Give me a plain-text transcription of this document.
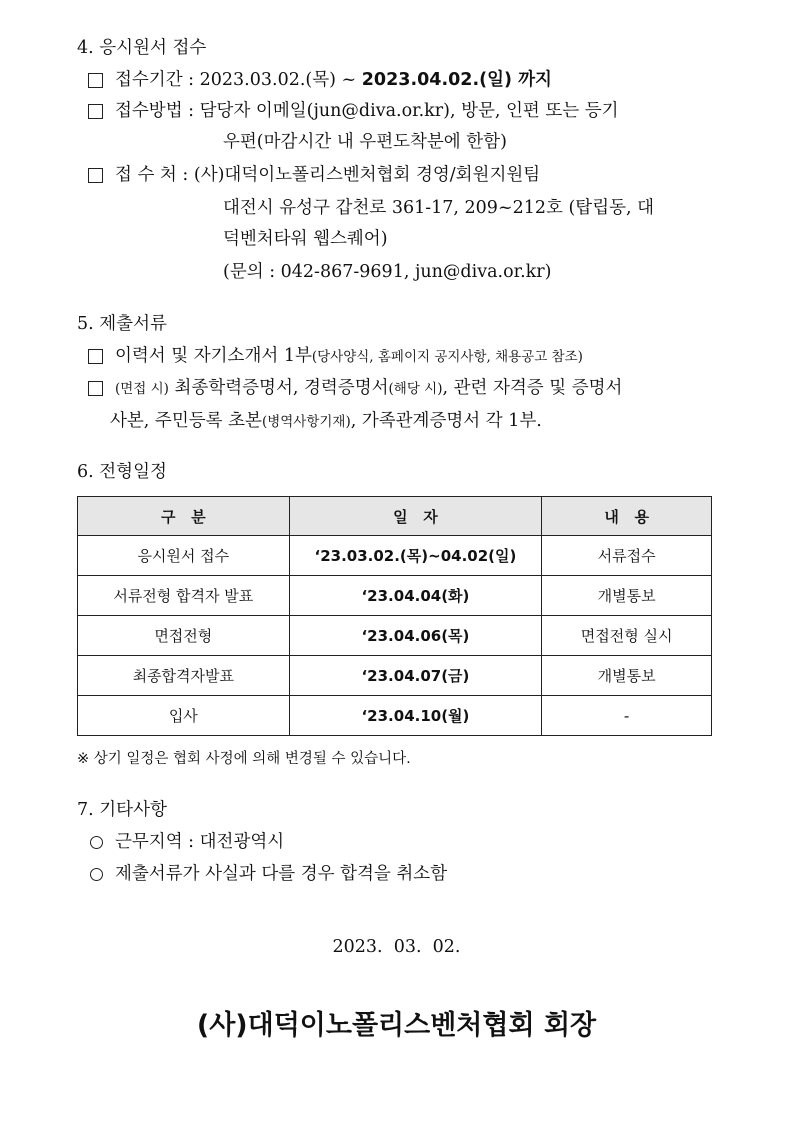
4. 응시원서 접수
접수기간 : 2023.03.02.(목) ~ 2023.04.02.(일) 까지
접수방법 : 담당자 이메일(jun@diva.or.kr), 방문, 인편 또는 등기
우편(마감시간 내 우편도착분에 한함)
접 수 처 : (사)대덕이노폴리스벤처협회 경영/회원지원팀
대전시 유성구 갑천로 361-17, 209~212호 (탑립동, 대
덕벤처타워 웹스퀘어)
(문의 : 042-867-9691, jun@diva.or.kr)
5. 제출서류
이력서 및 자기소개서 1부(당사양식, 홈페이지 공지사항, 채용공고 참조)
(면접 시) 최종학력증명서, 경력증명서(해당 시), 관련 자격증 및 증명서
사본, 주민등록 초본(병역사항기재), 가족관계증명서 각 1부.
6. 전형일정
구   분	일   자	내   용
응시원서 접수	‘23.03.02.(목)~04.02(일)	서류접수
서류전형 합격자 발표	‘23.04.04(화)	개별통보
면접전형	‘23.04.06(목)	면접전형 실시
최종합격자발표	‘23.04.07(금)	개별통보
입사	‘23.04.10(월)	-
※ 상기 일정은 협회 사정에 의해 변경될 수 있습니다.
7. 기타사항
근무지역 : 대전광역시
제출서류가 사실과 다를 경우 합격을 취소함
2023.  03.  02.
(사)대덕이노폴리스벤처협회 회장
